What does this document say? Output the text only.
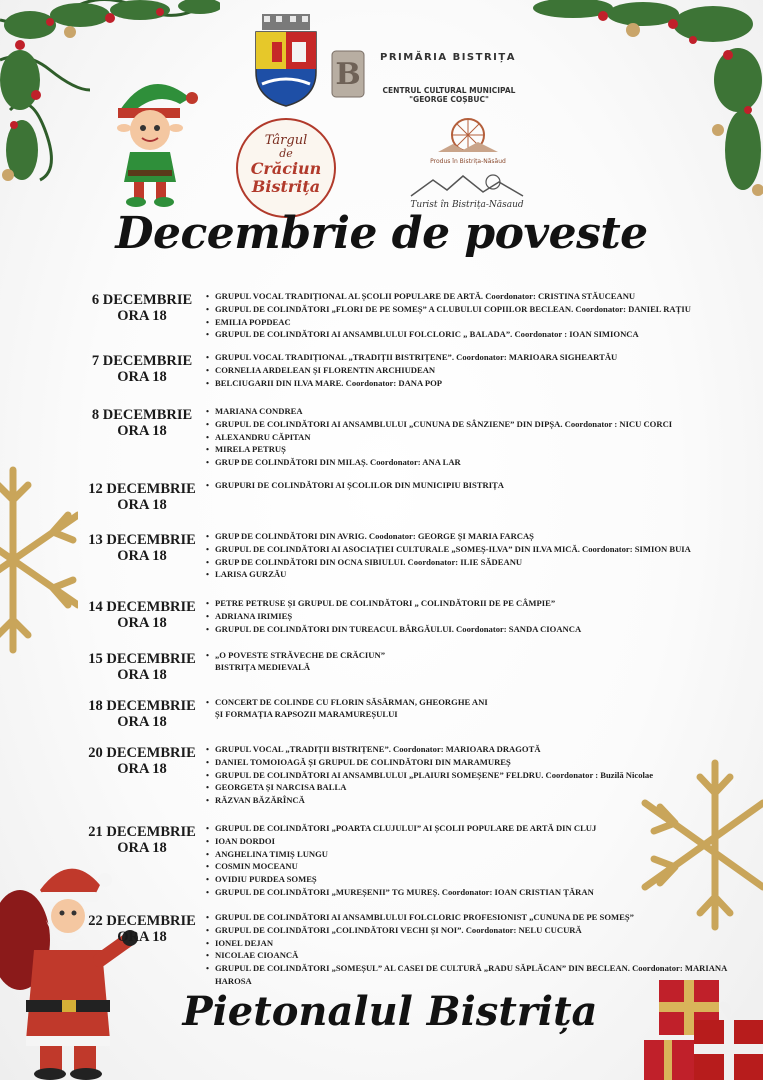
B PRIMĂRIA BISTRIȚA
CENTRUL CULTURAL MUNICIPAL "GEORGE COȘBUC"
Târgul
de
Crăciun
Bistrița
Produs în Bistrița-Năsăud
Turist în Bistrița-Năsaud
Decembrie de poveste
Pietonalul Bistrița
6 DECEMBRIE
ORA 18
• GRUPUL VOCAL TRADIȚIONAL AL ȘCOLII POPULARE DE ARTĂ. Coordonator: CRISTINA STĂUCEANU
• GRUPUL DE COLINDĂTORI „FLORI DE PE SOMEȘ” A CLUBULUI COPIILOR BECLEAN. Coordonator: DANIEL RAȚIU
• EMILIA POPDEAC
• GRUPUL DE COLINDĂTORI AI ANSAMBLULUI FOLCLORIC „ BALADA”. Coordonator : IOAN SIMIONCA
7 DECEMBRIE
ORA 18
• GRUPUL VOCAL TRADIȚIONAL „TRADIȚII BISTRIȚENE”. Coordonator: MARIOARA SIGHEARTĂU
• CORNELIA ARDELEAN ȘI FLORENTIN ARCHIUDEAN
• BELCIUGARII DIN ILVA MARE. Coordonator: DANA POP
8 DECEMBRIE
ORA 18
• MARIANA CONDREA
• GRUPUL DE COLINDĂTORI AI ANSAMBLULUI „CUNUNA DE SÂNZIENE” DIN DIPȘA. Coordonator : NICU CORCI
• ALEXANDRU CĂPITAN
• MIRELA PETRUȘ
• GRUP DE COLINDĂTORI DIN MILAȘ. Coordonator: ANA LAR
12 DECEMBRIE
ORA 18
• GRUPURI DE COLINDĂTORI AI ȘCOLILOR DIN MUNICIPIU BISTRIȚA
13 DECEMBRIE
ORA 18
• GRUP DE COLINDĂTORI DIN AVRIG. Coodonator: GEORGE ȘI MARIA FARCAȘ
• GRUPUL DE COLINDĂTORI AI ASOCIAȚIEI CULTURALE „SOMEȘ-ILVA” DIN ILVA MICĂ. Coordonator: SIMION BUIA
• GRUP DE COLINDĂTORI DIN OCNA SIBIULUI. Coordonator: ILIE SĂDEANU
• LARISA GURZĂU
14 DECEMBRIE
ORA 18
• PETRE PETRUSE ȘI GRUPUL DE COLINDĂTORI „ COLINDĂTORII DE PE CÂMPIE”
• ADRIANA IRIMIEȘ
• GRUPUL DE COLINDĂTORI DIN TUREACUL BÂRGĂULUI. Coordonator: SANDA CIOANCA
15 DECEMBRIE
ORA 18
• „O POVESTE STRĂVECHE DE CRĂCIUN”
BISTRIȚA MEDIEVALĂ
18 DECEMBRIE
ORA 18
• CONCERT DE COLINDE CU FLORIN SĂSĂRMAN, GHEORGHE ANI
ȘI FORMAȚIA RAPSOZII MARAMUREȘULUI
20 DECEMBRIE
ORA 18
• GRUPUL VOCAL „TRADIȚII BISTRIȚENE”. Coordonator: MARIOARA DRAGOTĂ
• DANIEL TOMOIOAGĂ ȘI GRUPUL DE COLINDĂTORI DIN MARAMUREȘ
• GRUPUL DE COLINDĂTORI AI ANSAMBLULUI „PLAIURI SOMEȘENE” FELDRU. Coordonator : Buzilă Nicolae
• GEORGETA ȘI NARCISA BALLA
• RĂZVAN BĂZĂRÎNCĂ
21 DECEMBRIE
ORA 18
• GRUPUL DE COLINDĂTORI „POARTA CLUJULUI” AI ȘCOLII POPULARE DE ARTĂ DIN CLUJ
• IOAN DORDOI
• ANGHELINA TIMIȘ LUNGU
• COSMIN MOCEANU
• OVIDIU PURDEA SOMEȘ
• GRUPUL DE COLINDĂTORI „MUREȘENII” TG MUREȘ. Coordonator: IOAN CRISTIAN ȚĂRAN
22 DECEMBRIE
ORA 18
• GRUPUL DE COLINDĂTORI AI ANSAMBLULUI FOLCLORIC PROFESIONIST „CUNUNA DE PE SOMEȘ”
• GRUPUL DE COLINDĂTORI „COLINDĂTORI VECHI ȘI NOI”. Coordonator: NELU CUCURĂ
• IONEL DEJAN
• NICOLAE CIOANCĂ
• GRUPUL DE COLINDĂTORI „SOMEȘUL” AL CASEI DE CULTURĂ „RADU SĂPLĂCAN” DIN BECLEAN. Coordonator: MARIANA HAROSA
